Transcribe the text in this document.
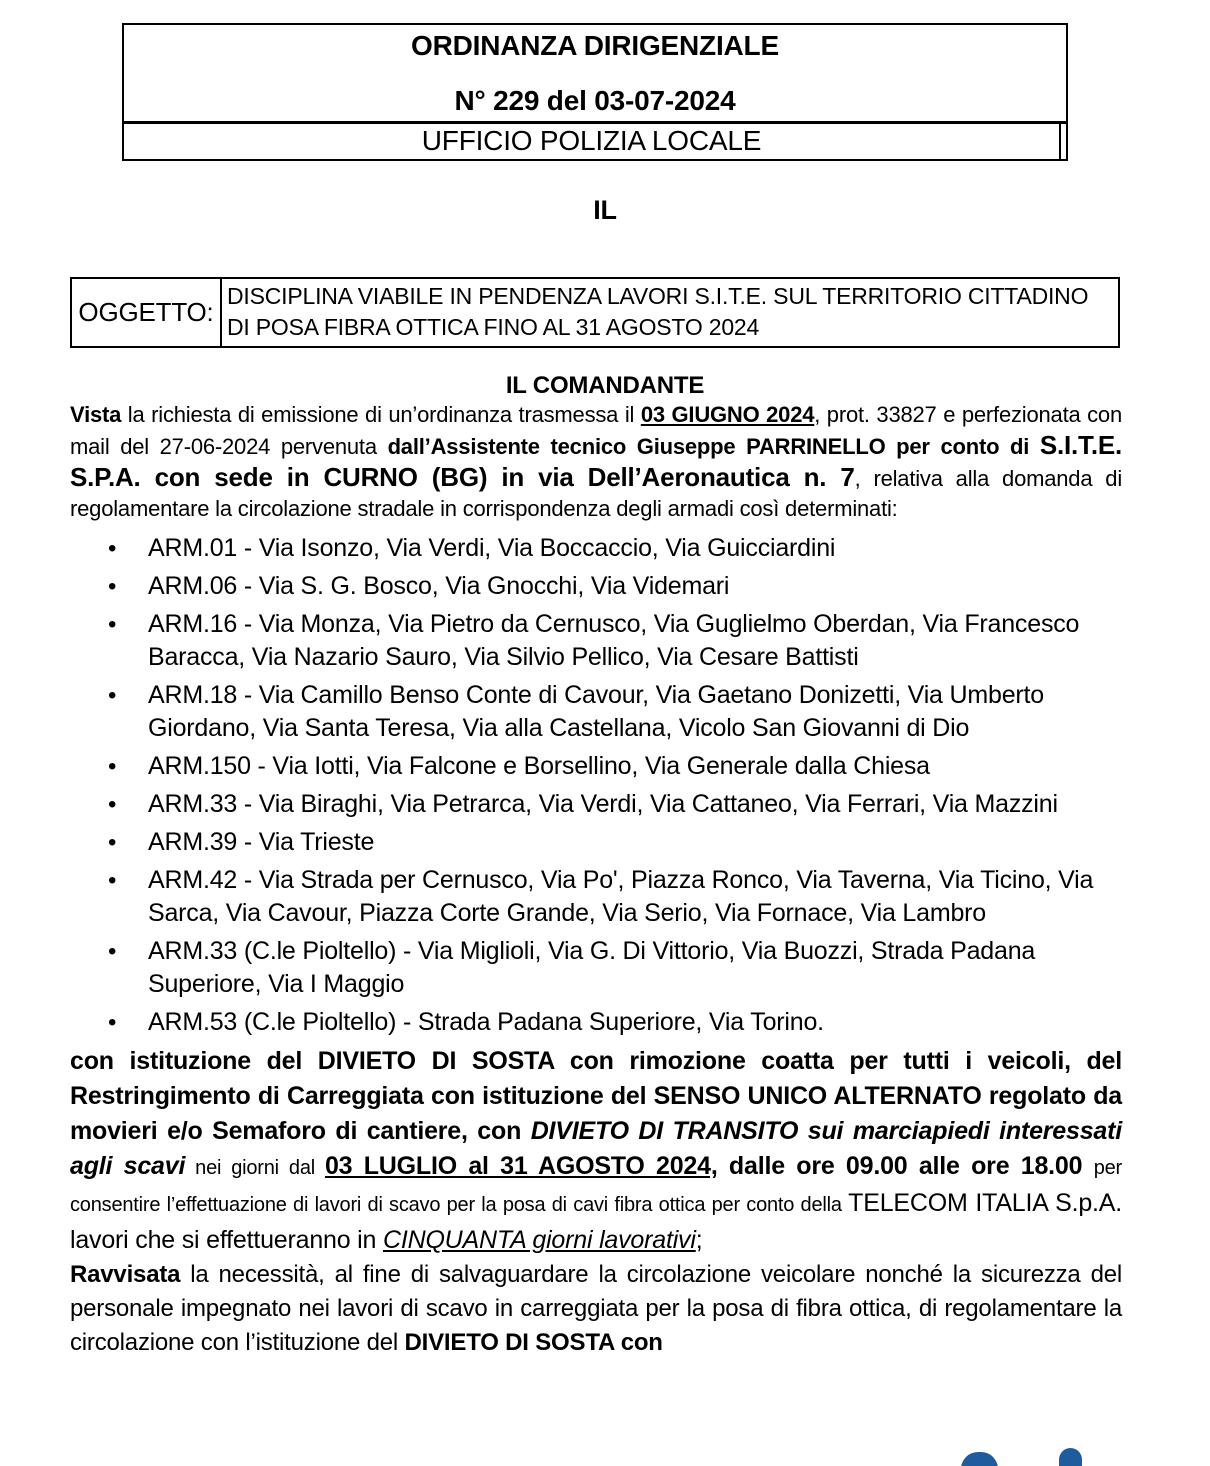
ORDINANZA DIRIGENZIALE
N° 229 del 03-07-2024
UFFICIO POLIZIA LOCALE
IL
OGGETTO:
DISCIPLINA VIABILE IN PENDENZA LAVORI S.I.T.E. SUL TERRITORIO CITTADINO DI POSA FIBRA OTTICA FINO AL 31 AGOSTO 2024
IL COMANDANTE

Vista la richiesta di emissione di un’ordinanza trasmessa il 03 GIUGNO 2024, prot. 33827 e perfezionata con mail del 27-06-2024 pervenuta dall’Assistente tecnico Giuseppe PARRINELLO per conto di S.I.T.E. S.P.A. con sede in CURNO (BG) in via Dell’Aeronautica n. 7, relativa alla domanda di regolamentare la circolazione stradale in corrispondenza degli armadi così determinati:

• ARM.01 - Via Isonzo, Via Verdi, Via Boccaccio, Via Guicciardini
• ARM.06 - Via S. G. Bosco, Via Gnocchi, Via Videmari
• ARM.16 - Via Monza, Via Pietro da Cernusco, Via Guglielmo Oberdan, Via Francesco Baracca, Via Nazario Sauro, Via Silvio Pellico, Via Cesare Battisti
• ARM.18 - Via Camillo Benso Conte di Cavour, Via Gaetano Donizetti, Via Umberto Giordano, Via Santa Teresa, Via alla Castellana, Vicolo San Giovanni di Dio
• ARM.150 - Via Iotti, Via Falcone e Borsellino, Via Generale dalla Chiesa
• ARM.33 - Via Biraghi, Via Petrarca, Via Verdi, Via Cattaneo, Via Ferrari, Via Mazzini
• ARM.39 - Via Trieste
• ARM.42 - Via Strada per Cernusco, Via Po', Piazza Ronco, Via Taverna, Via Ticino, Via Sarca, Via Cavour, Piazza Corte Grande, Via Serio, Via Fornace, Via Lambro
• ARM.33 (C.le Pioltello) - Via Miglioli, Via G. Di Vittorio, Via Buozzi, Strada Padana Superiore, Via I Maggio
• ARM.53 (C.le Pioltello) - Strada Padana Superiore, Via Torino.

con istituzione del DIVIETO DI SOSTA con rimozione coatta per tutti i veicoli, del Restringimento di Carreggiata con istituzione del SENSO UNICO ALTERNATO regolato da movieri e/o Semaforo di cantiere, con DIVIETO DI TRANSITO sui marciapiedi interessati agli scavi nei giorni dal 03 LUGLIO al 31 AGOSTO 2024, dalle ore 09.00 alle ore 18.00 per consentire l’effettuazione di lavori di scavo per la posa di cavi fibra ottica per conto della TELECOM ITALIA S.p.A. lavori che si effettueranno in CINQUANTA giorni lavorativi;

Ravvisata la necessità, al fine di salvaguardare la circolazione veicolare nonché la sicurezza del personale impegnato nei lavori di scavo in carreggiata per la posa di fibra ottica, di regolamentare la circolazione con l’istituzione del DIVIETO DI SOSTA con
